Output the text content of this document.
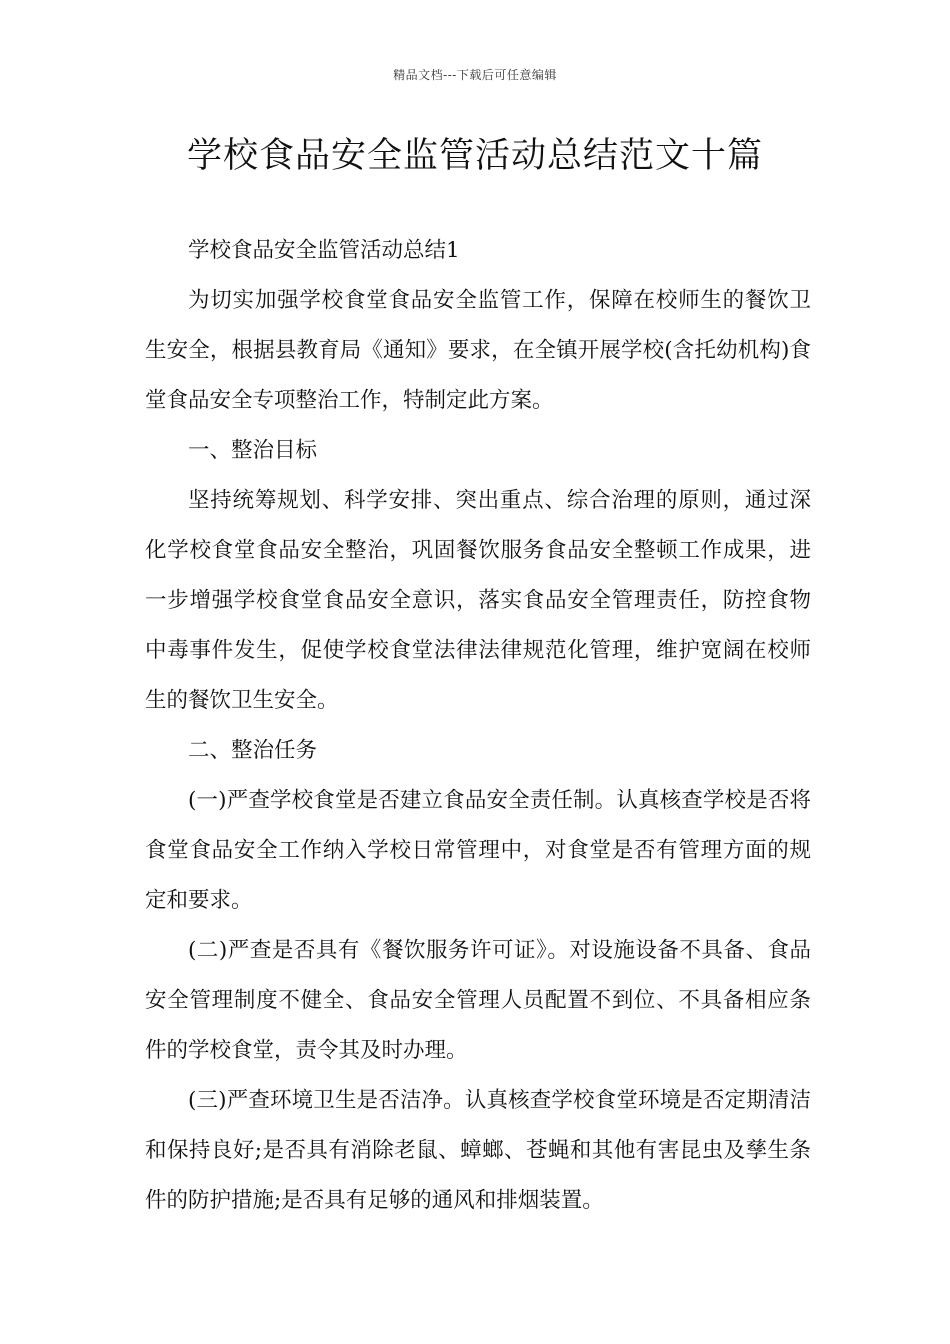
精品文档---下载后可任意编辑
学校食品安全监管活动总结范文十篇

学校食品安全监管活动总结1

为切实加强学校食堂食品安全监管工作，保障在校师生的餐饮卫生安全，根据县教育局《通知》要求，在全镇开展学校(含托幼机构)食堂食品安全专项整治工作，特制定此方案。

一、整治目标

坚持统筹规划、科学安排、突出重点、综合治理的原则，通过深化学校食堂食品安全整治，巩固餐饮服务食品安全整顿工作成果，进一步增强学校食堂食品安全意识，落实食品安全管理责任，防控食物中毒事件发生，促使学校食堂法律法律规范化管理，维护宽阔在校师生的餐饮卫生安全。

二、整治任务

(一)严查学校食堂是否建立食品安全责任制。认真核查学校是否将食堂食品安全工作纳入学校日常管理中，对食堂是否有管理方面的规定和要求。

(二)严查是否具有《餐饮服务许可证》。对设施设备不具备、食品安全管理制度不健全、食品安全管理人员配置不到位、不具备相应条件的学校食堂，责令其及时办理。

(三)严查环境卫生是否洁净。认真核查学校食堂环境是否定期清洁和保持良好;是否具有消除老鼠、蟑螂、苍蝇和其他有害昆虫及孳生条件的防护措施;是否具有足够的通风和排烟装置。
